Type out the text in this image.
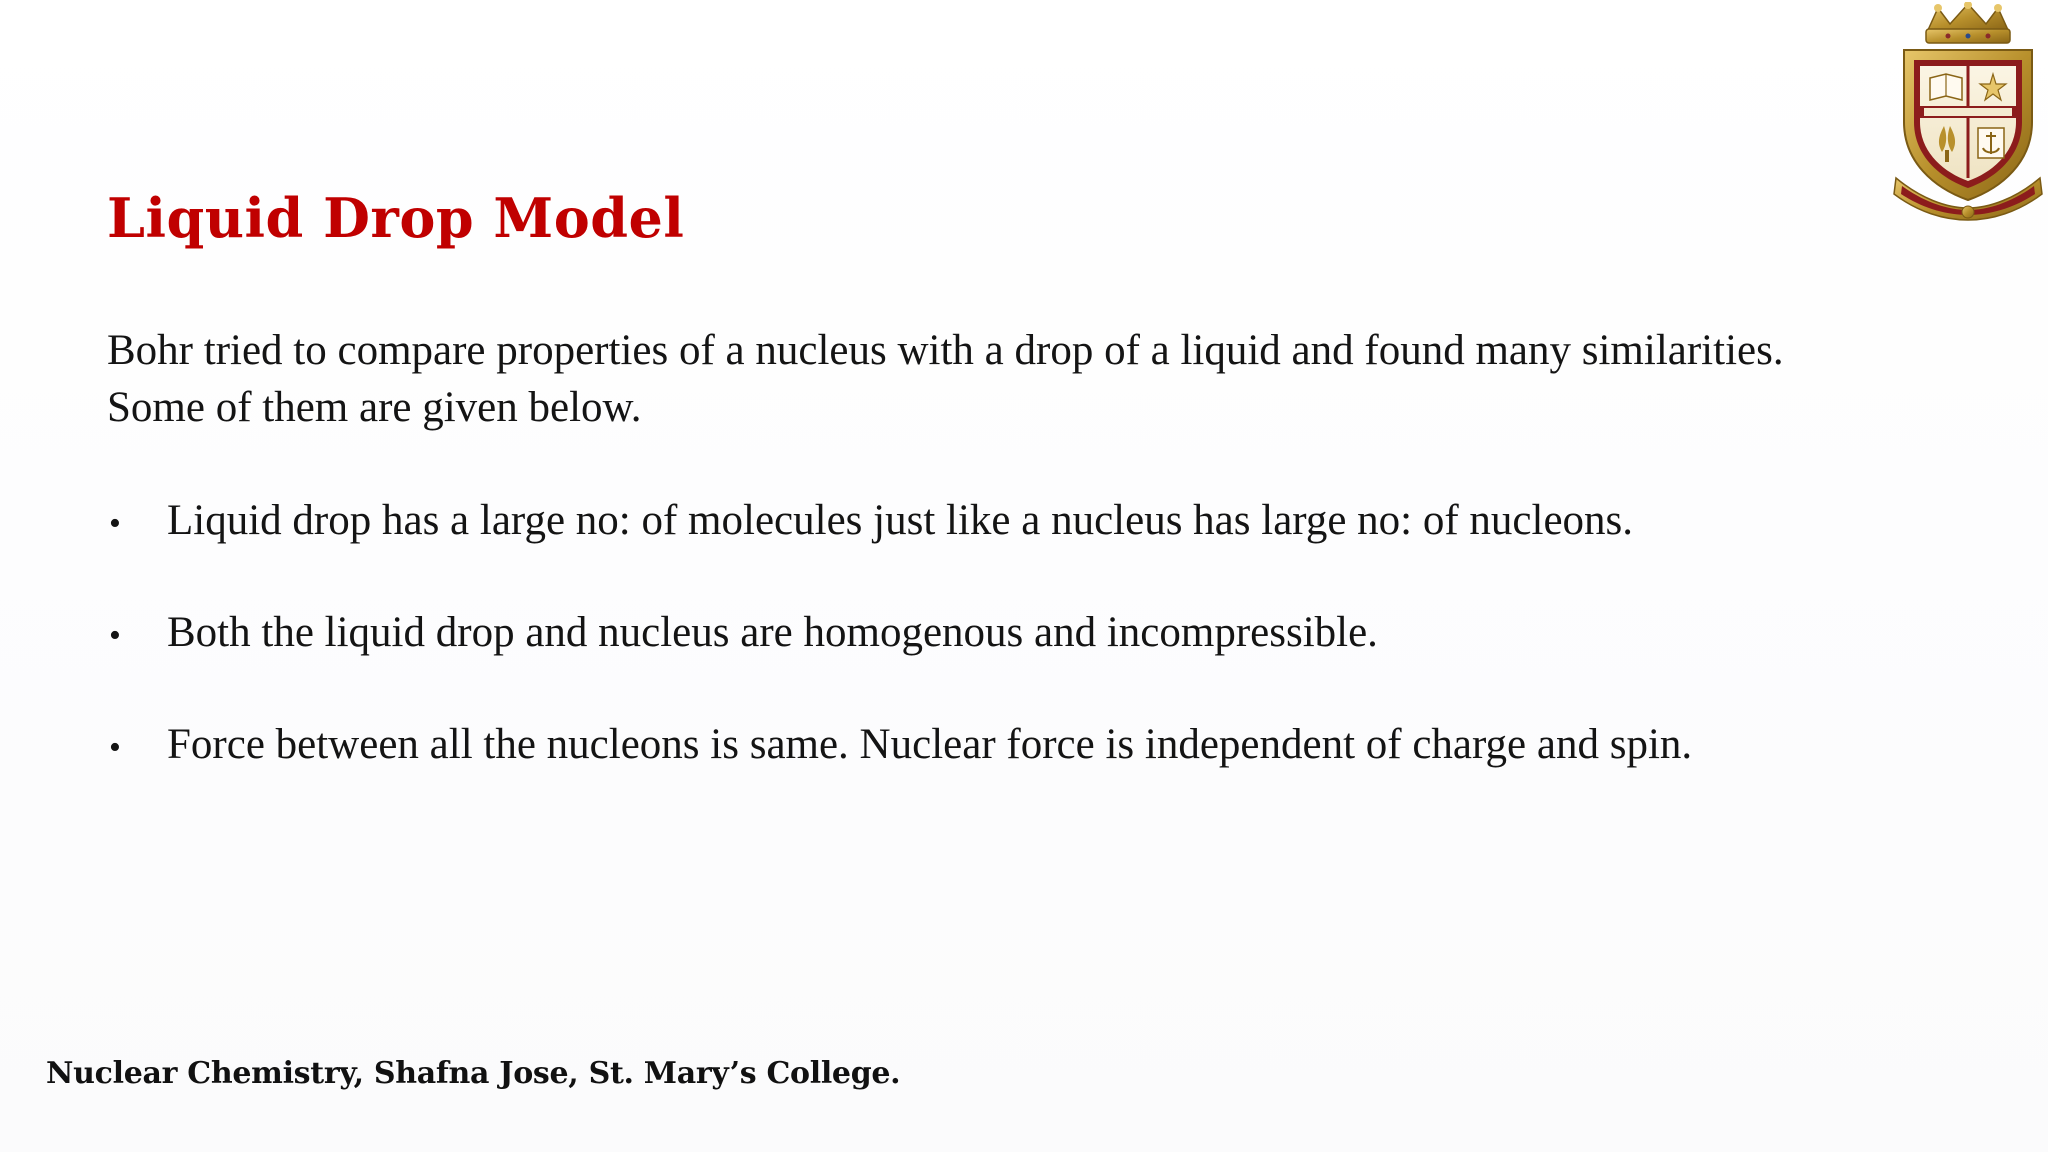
Liquid Drop Model

Bohr tried to compare properties of a nucleus with a drop of a liquid and found many similarities. Some of them are given below.

•	Liquid drop has a large no: of molecules just like a nucleus has large no: of nucleons.
•	Both the liquid drop and nucleus are homogenous and incompressible.
•	Force between all the nucleons is same. Nuclear force is independent of charge and spin.

Nuclear Chemistry, Shafna Jose, St. Mary’s College.
